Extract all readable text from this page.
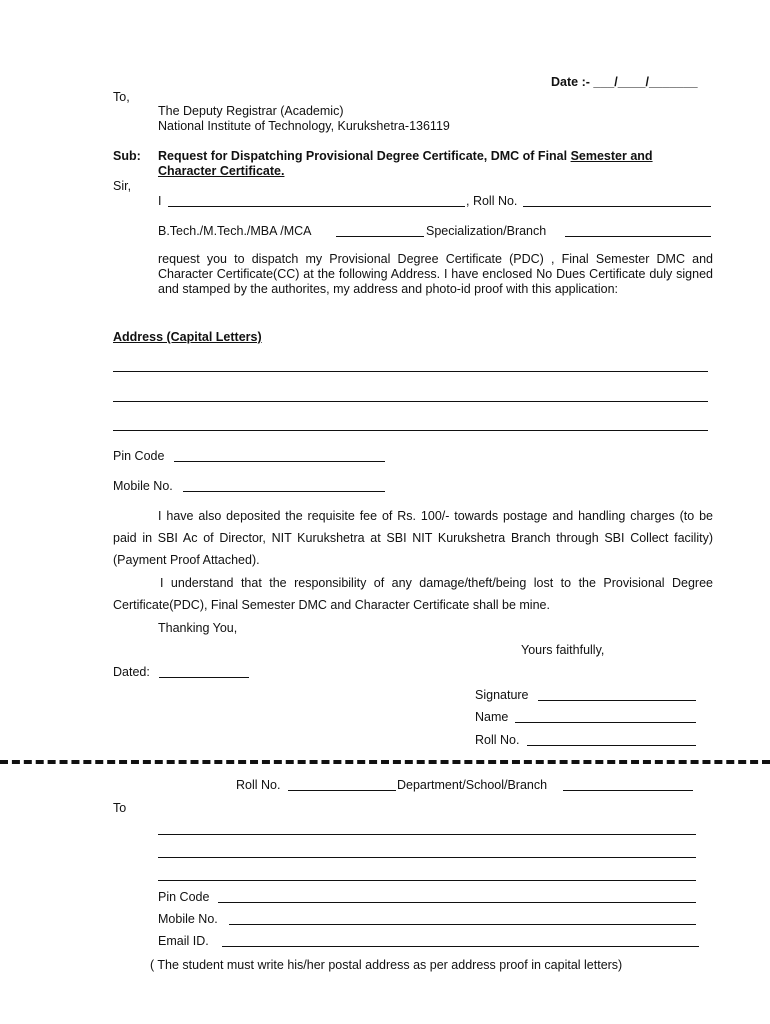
Date :- ___/____/_______
To,
The Deputy Registrar (Academic)
National Institute of Technology, Kurukshetra-136119
Sub: Request for Dispatching Provisional Degree Certificate, DMC of Final Semester and
Character Certificate.
Sir,
I	, Roll No.
B.Tech./M.Tech./MBA /MCA	Specialization/Branch
request you to dispatch my Provisional Degree Certificate (PDC) , Final Semester DMC and Character Certificate(CC) at the following Address. I have enclosed No Dues Certificate duly signed and stamped by the authorites, my address and photo-id proof with this application:
Address (Capital Letters)
Pin Code
Mobile No.
I have also deposited the requisite fee of Rs. 100/- towards postage and handling charges (to be paid in SBI Ac of Director, NIT Kurukshetra at SBI NIT Kurukshetra Branch through SBI Collect facility) (Payment Proof Attached).
I understand that the responsibility of any damage/theft/being lost to the Provisional Degree Certificate(PDC), Final Semester DMC and Character Certificate shall be mine.
Thanking You,
Yours faithfully,
Dated:
Signature
Name
Roll No.
Roll No.	Department/School/Branch
To
Pin Code
Mobile No.
Email ID.
( The student must write his/her postal address as per address proof in capital letters)
